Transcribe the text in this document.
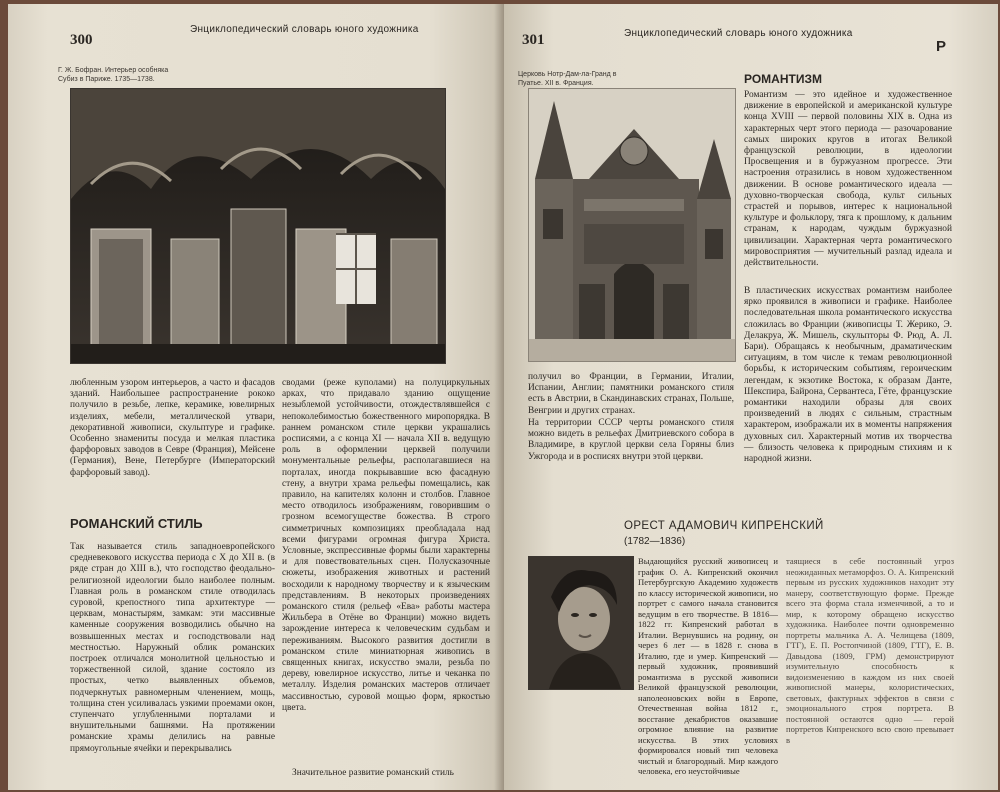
300
Энциклопедический словарь юного художника
Г. Ж. Бофран. Интерьер особняка Субиз в Париже. 1735—1738.
любленным узором интерьеров, а часто и фасадов зданий. Наибольшее распространение рококо получило в резьбе, лепке, керамике, ювелирных изделиях, мебели, металлической утвари, декоративной живописи, скульптуре и графике. Особенно знамениты посуда и мелкая пластика фарфоровых заводов в Севре (Франция), Мейсене (Германия), Вене, Петербурге (Императорский фарфоровый завод).
РОМАНСКИЙ СТИЛЬ
Так называется стиль западноевропейского средневекового искусства периода с X до XII в. (в ряде стран до XIII в.), что господство феодально-религиозной идеологии было наиболее полным. Главная роль в романском стиле отводилась суровой, крепостного типа архитектуре — церквам, монастырям, замкам: эти массивные каменные сооружения возводились обычно на возвышенных местах и господствовали над местностью. Наружный облик романских построек отличался монолитной цельностью и торжественной силой, здание состояло из простых, четко выявленных объемов, подчеркнутых равномерным членением, мощь, толщина стен усиливалась узкими проемами окон, ступенчато углубленными порталами и внушительными башнями. На протяжении романские храмы делились на равные прямоугольные ячейки и перекрывались
сводами (реже куполами) на полуциркульных арках, что придавало зданию ощущение незыблемой устойчивости, отождествлявшейся с непоколебимостью божественного миропорядка. В раннем романском стиле церкви украшались росписями, а с конца XI — начала XII в. ведущую роль в оформлении церквей получили монументальные рельефы, располагавшиеся на порталах, иногда покрывавшие всю фасадную стену, а внутри храма рельефы помещались, как правило, на капителях колонн и столбов. Главное место отводилось изображениям, говорившим о грозном всемогуществе божества. В строго симметричных композициях преобладала над всеми фигурами огромная фигура Христа. Условные, экспрессивные формы были характерны и для повествовательных сцен. Полусказочные сюжеты, изображения животных и растений восходили к народному творчеству и к языческим представлениям. В некоторых произведениях романского стиля (рельеф «Ева» работы мастера Жильбера в Отёне во Франции) можно видеть зарождение интереса к человеческим судьбам и переживаниям. Высокого развития достигли в романском стиле миниатюрная живопись в священных книгах, искусство эмали, резьба по дереву, ювелирное искусство, литье и чеканка по металлу. Изделия романских мастеров отличает массивностью, суровой мощью форм, яркостью цвета.
Значительное развитие романский стиль
301	Энциклопедический словарь юного художника
Р
Церковь Нотр-Дам-ла-Гранд в Пуатье. XII в. Франция.
получил во Франции, в Германии, Италии, Испании, Англии; памятники романского стиля есть в Австрии, в Скандинавских странах, Польше, Венгрии и других странах.
На территории СССР черты романского стиля можно видеть в рельефах Дмитриевского собора в Владимире, в круглой церкви села Горяны близ Ужгорода и в росписях внутри этой церкви.
РОМАНТИЗМ
Романтизм — это идейное и художественное движение в европейской и американской культуре конца XVIII — первой половины XIX в. Одна из характерных черт этого периода — разочарование самых широких кругов в итогах Великой французской революции, в идеологии Просвещения и в буржуазном прогрессе. Эти настроения отразились в новом художественном движении. В основе романтического идеала — духовно-творческая свобода, культ сильных страстей и порывов, интерес к национальной культуре и фольклору, тяга к прошлому, к дальним странам, к народам, чуждым буржуазной цивилизации. Характерная черта романтического мировосприятия — мучительный разлад идеала и действительности.
В пластических искусствах романтизм наиболее ярко проявился в живописи и графике. Наиболее последовательная школа романтического искусства сложилась во Франции (живописцы Т. Жерико, Э. Делакруа, Ж. Мишель, скульпторы Ф. Рюд, А. Л. Бари). Обращаясь к необычным, драматическим ситуациям, в том числе к темам революционной борьбы, к историческим событиям, героическим легендам, к экзотике Востока, к образам Данте, Шекспира, Байрона, Сервантеса, Гёте, французские романтики находили образы для своих произведений в людях с сильным, страстным характером, изображали их в моменты напряжения духовных сил. Характерный мотив их творчества — близость человека к природным стихиям и к народной жизни.
ОРЕСТ АДАМОВИЧ КИПРЕНСКИЙ
(1782—1836)
Выдающийся русский живописец и график О. А. Кипренский окончил Петербургскую Академию художеств по классу исторической живописи, но портрет с самого начала становится ведущим в его творчестве. В 1816—1822 гг. Кипренский работал в Италии. Вернувшись на родину, он через 6 лет — в 1828 г. снова в Италию, где и умер. Кипренский — первый художник, проявивший романтизма в русской живописи Великой французской революции, наполеоновских войн в Европе, Отечественная война 1812 г., восстание декабристов оказавшие огромное влияние на развитие искусства. В этих условиях формировался новый тип человека чистый и благородный. Мир каждого человека, его неустойчивые
таящиеся в себе постоянный угроз неожиданных метаморфоз. О. А. Кипренский первым из русских художников находит эту манеру, соответствующую форме. Прежде всего эта форма стала изменчивой, а то и мир, к которому обращено искусство художника. Наиболее почти одновременно портреты мальчика А. А. Челищева (1809, ГТГ), Е. П. Ростопчиной (1809, ГТГ), Е. В. Давыдова (1809, ГРМ) демонстрируют изумительную способность к видоизменению в каждом из них своей живописной манеры, колористических, световых, фактурных эффектов в связи с эмоционального строя портрета. В постоянной остаются одно — герой портретов Кипренского всю свою превывает в
